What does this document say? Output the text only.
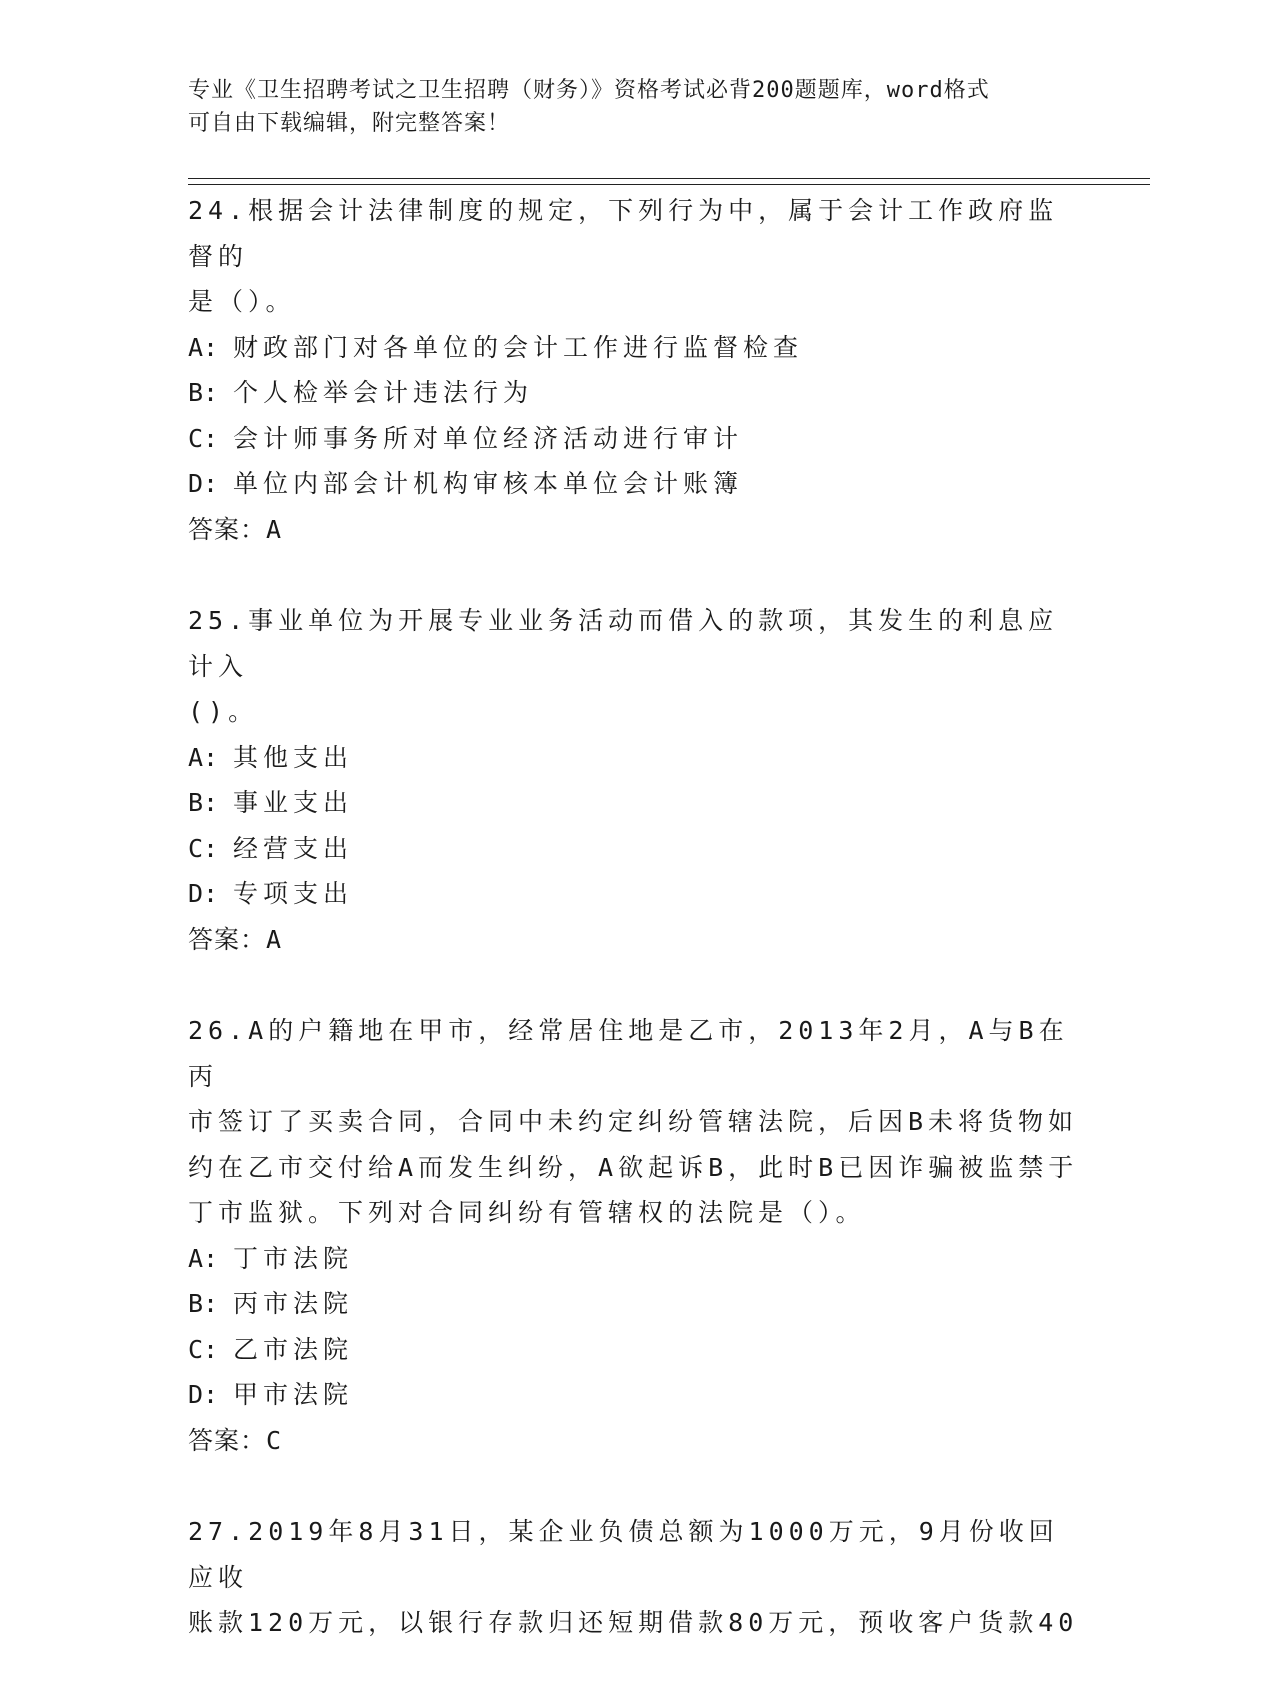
专业《卫生招聘考试之卫生招聘（财务）》资格考试必背200题题库，word格式
可自由下载编辑，附完整答案！

24.根据会计法律制度的规定，下列行为中，属于会计工作政府监督的

是（）。

A: 财政部门对各单位的会计工作进行监督检查

B: 个人检举会计违法行为

C: 会计师事务所对单位经济活动进行审计

D: 单位内部会计机构审核本单位会计账簿

答案：A

25.事业单位为开展专业业务活动而借入的款项，其发生的利息应计入

()。

A: 其他支出

B: 事业支出

C: 经营支出

D: 专项支出

答案：A

26.A的户籍地在甲市，经常居住地是乙市，2013年2月，A与B在丙

市签订了买卖合同，合同中未约定纠纷管辖法院，后因B未将货物如

约在乙市交付给A而发生纠纷，A欲起诉B，此时B已因诈骗被监禁于

丁市监狱。下列对合同纠纷有管辖权的法院是（）。

A: 丁市法院

B: 丙市法院

C: 乙市法院

D: 甲市法院

答案：C

27.2019年8月31日，某企业负债总额为1000万元，9月份收回应收

账款120万元，以银行存款归还短期借款80万元，预收客户货款40
